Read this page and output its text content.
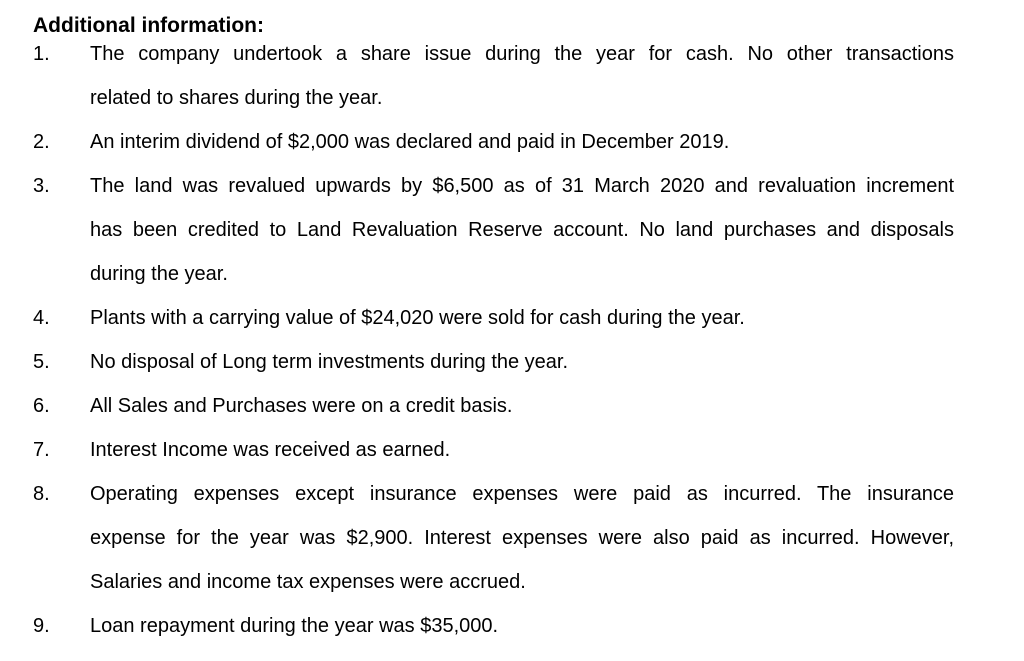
Additional information:
1.	The company undertook a share issue during the year for cash. No other transactions
related to shares during the year.
2.	An interim dividend of $2,000 was declared and paid in December 2019.
3.	The land was revalued upwards by $6,500 as of 31 March 2020 and revaluation increment
has been credited to Land Revaluation Reserve account. No land purchases and disposals
during the year.
4.	Plants with a carrying value of $24,020 were sold for cash during the year.
5.	No disposal of Long term investments during the year.
6.	All Sales and Purchases were on a credit basis.
7.	Interest Income was received as earned.
8.	Operating expenses except insurance expenses were paid as incurred. The insurance
expense for the year was $2,900. Interest expenses were also paid as incurred. However,
Salaries and income tax expenses were accrued.
9.	Loan repayment during the year was $35,000.
